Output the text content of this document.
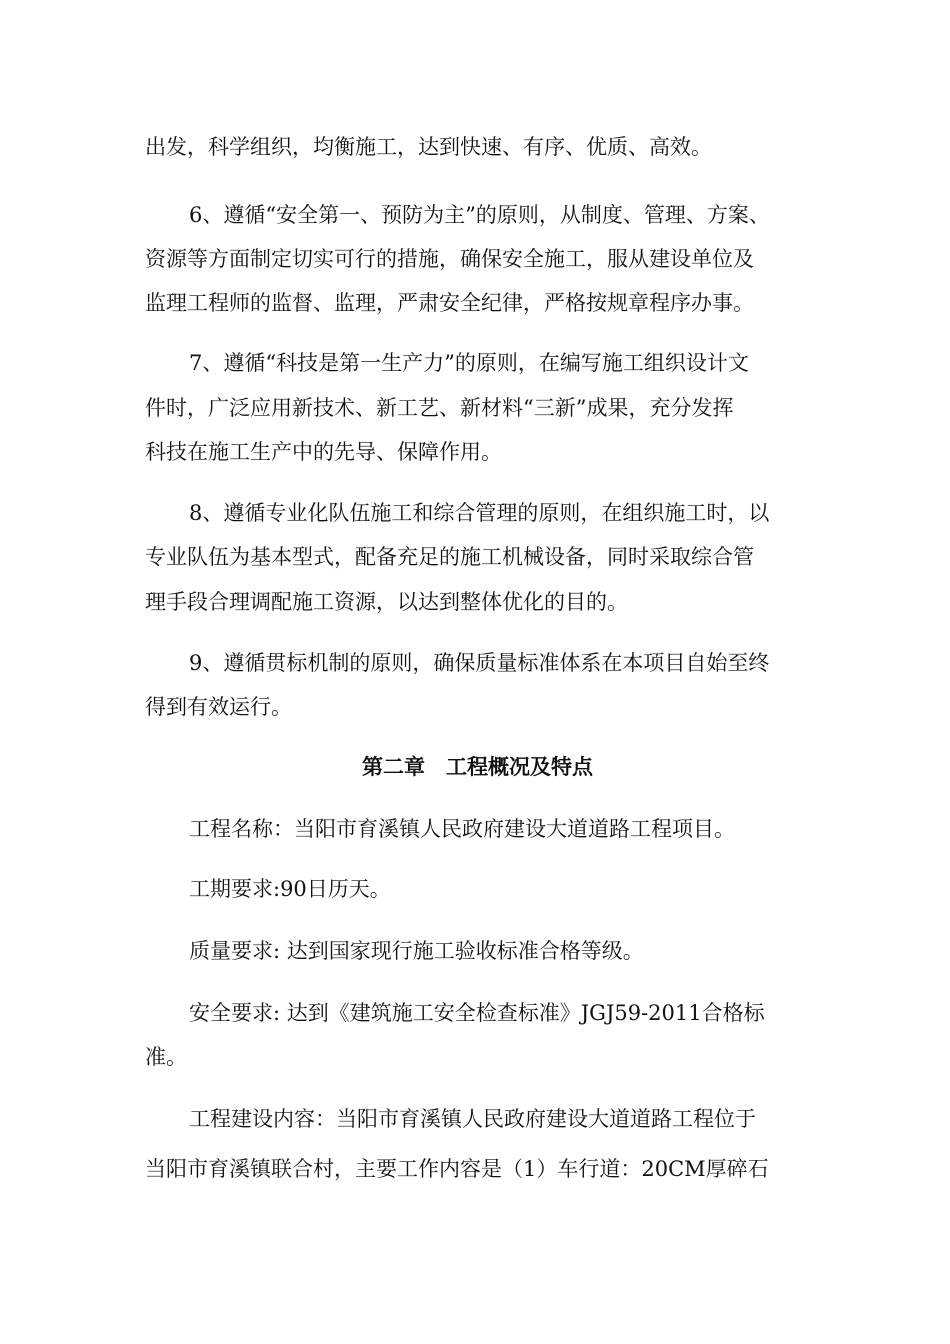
出发，科学组织，均衡施工，达到快速、有序、优质、高效。
6、遵循“安全第一、预防为主”的原则，从制度、管理、方案、
资源等方面制定切实可行的措施，确保安全施工，服从建设单位及
监理工程师的监督、监理，严肃安全纪律，严格按规章程序办事。
7、遵循“科技是第一生产力”的原则，在编写施工组织设计文
件时，广泛应用新技术、新工艺、新材料“三新”成果，充分发挥
科技在施工生产中的先导、保障作用。
8、遵循专业化队伍施工和综合管理的原则，在组织施工时，以
专业队伍为基本型式，配备充足的施工机械设备，同时采取综合管
理手段合理调配施工资源，以达到整体优化的目的。
9、遵循贯标机制的原则，确保质量标准体系在本项目自始至终
得到有效运行。
第二章　工程概况及特点
工程名称：当阳市育溪镇人民政府建设大道道路工程项目。
工期要求:90日历天。
质量要求: 达到国家现行施工验收标准合格等级。
安全要求: 达到《建筑施工安全检查标准》JGJ59-2011合格标
准。
工程建设内容：当阳市育溪镇人民政府建设大道道路工程位于
当阳市育溪镇联合村，主要工作内容是（1）车行道：20CM厚碎石
